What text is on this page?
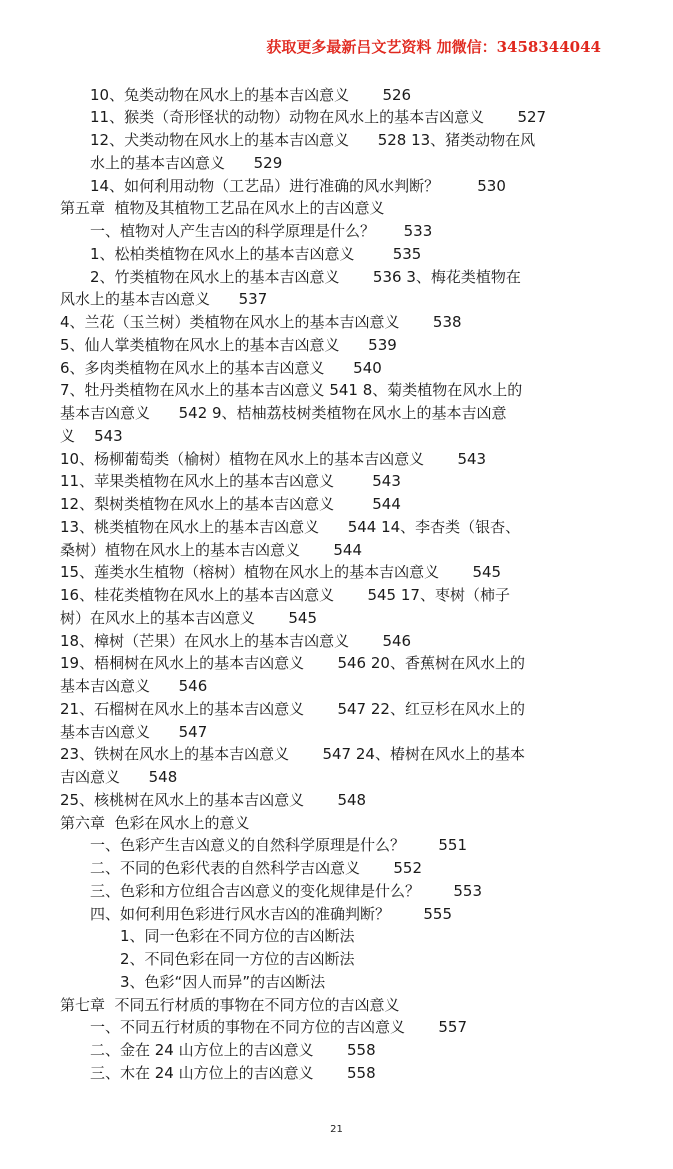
获取更多最新吕文艺资料 加微信：3458344044
10、兔类动物在风水上的基本吉凶意义       526
11、猴类（奇形怪状的动物）动物在风水上的基本吉凶意义       527
12、犬类动物在风水上的基本吉凶意义      528 13、猪类动物在风
水上的基本吉凶意义      529
14、如何利用动物（工艺品）进行准确的风水判断？        530
第五章  植物及其植物工艺品在风水上的吉凶意义
一、植物对人产生吉凶的科学原理是什么？      533
1、松柏类植物在风水上的基本吉凶意义        535
2、竹类植物在风水上的基本吉凶意义       536 3、梅花类植物在
风水上的基本吉凶意义      537
4、兰花（玉兰树）类植物在风水上的基本吉凶意义       538
5、仙人掌类植物在风水上的基本吉凶意义      539
6、多肉类植物在风水上的基本吉凶意义      540
7、牡丹类植物在风水上的基本吉凶意义 541 8、菊类植物在风水上的
基本吉凶意义      542 9、桔柚荔枝树类植物在风水上的基本吉凶意
义    543
10、杨柳葡萄类（榆树）植物在风水上的基本吉凶意义       543
11、苹果类植物在风水上的基本吉凶意义        543
12、梨树类植物在风水上的基本吉凶意义        544
13、桃类植物在风水上的基本吉凶意义      544 14、李杏类（银杏、
桑树）植物在风水上的基本吉凶意义       544
15、莲类水生植物（榕树）植物在风水上的基本吉凶意义       545
16、桂花类植物在风水上的基本吉凶意义       545 17、枣树（柿子
树）在风水上的基本吉凶意义       545
18、樟树（芒果）在风水上的基本吉凶意义       546
19、梧桐树在风水上的基本吉凶意义       546 20、香蕉树在风水上的
基本吉凶意义      546
21、石榴树在风水上的基本吉凶意义       547 22、红豆杉在风水上的
基本吉凶意义      547
23、铁树在风水上的基本吉凶意义       547 24、椿树在风水上的基本
吉凶意义      548
25、核桃树在风水上的基本吉凶意义       548
第六章  色彩在风水上的意义
一、色彩产生吉凶意义的自然科学原理是什么？       551
二、不同的色彩代表的自然科学吉凶意义       552
三、色彩和方位组合吉凶意义的变化规律是什么？       553
四、如何利用色彩进行风水吉凶的准确判断？       555
1、同一色彩在不同方位的吉凶断法
2、不同色彩在同一方位的吉凶断法
3、色彩“因人而异”的吉凶断法
第七章  不同五行材质的事物在不同方位的吉凶意义
一、不同五行材质的事物在不同方位的吉凶意义       557
二、金在 24 山方位上的吉凶意义       558
三、木在 24 山方位上的吉凶意义       558
21
